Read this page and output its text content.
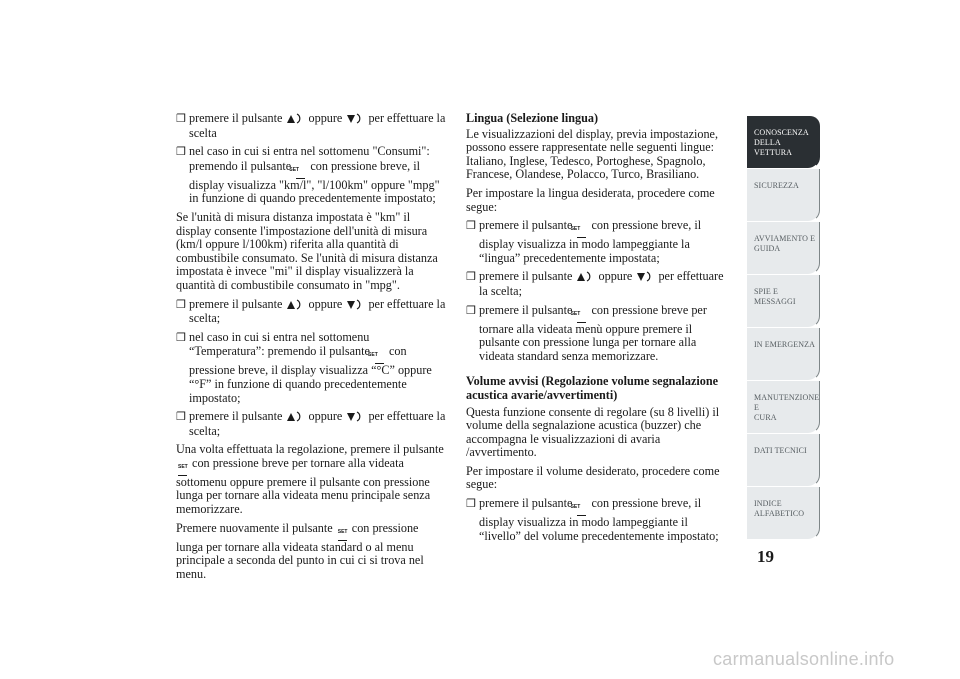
❒ premere il pulsante oppure per effettuare la scelta
❒ nel caso in cui si entra nel sottomenu "Consumi": premendo il pulsante SET con pressione breve, il display visualizza "km/l", "l/100km" oppure "mpg" in funzione di quando precedentemente impostato;
Se l'unità di misura distanza impostata è "km" il display consente l'impostazione dell'unità di misura (km/l oppure l/100km) riferita alla quantità di combustibile consumato. Se l'unità di misura distanza impostata è invece "mi" il display visualizzerà la quantità di combustibile consumato in "mpg".
❒ premere il pulsante oppure per effettuare la scelta;
❒ nel caso in cui si entra nel sottomenu “Temperatura”: premendo il pulsante SET con pressione breve, il display visualizza “°C” oppure “°F” in funzione di quando precedentemente impostato;
❒ premere il pulsante oppure per effettuare la scelta;
Una volta effettuata la regolazione, premere il pulsante SET con pressione breve per tornare alla videata sottomenu oppure premere il pulsante con pressione lunga per tornare alla videata menu principale senza memorizzare.
Premere nuovamente il pulsante SET con pressione lunga per tornare alla videata standard o al menu principale a seconda del punto in cui ci si trova nel menu.
Lingua (Selezione lingua)
Le visualizzazioni del display, previa impostazione, possono essere rappresentate nelle seguenti lingue: Italiano, Inglese, Tedesco, Portoghese, Spagnolo, Francese, Olandese, Polacco, Turco, Brasiliano.
Per impostare la lingua desiderata, procedere come segue:
❒ premere il pulsante SET con pressione breve, il display visualizza in modo lampeggiante la “lingua” precedentemente impostata;
❒ premere il pulsante oppure per effettuare la scelta;
❒ premere il pulsante SET con pressione breve per tornare alla videata menù oppure premere il pulsante con pressione lunga per tornare alla videata standard senza memorizzare.
Volume avvisi (Regolazione volume segnalazione acustica avarie/avvertimenti)
Questa funzione consente di regolare (su 8 livelli) il volume della segnalazione acustica (buzzer) che accompagna le visualizzazioni di avaria /avvertimento.
Per impostare il volume desiderato, procedere come segue:
❒ premere il pulsante SET con pressione breve, il display visualizza in modo lampeggiante il “livello” del volume precedentemente impostato;
CONOSCENZA
DELLA VETTURA
SICUREZZA

AVVIAMENTO E
GUIDA
SPIE E MESSAGGI

IN EMERGENZA

MANUTENZIONE E
CURA
DATI TECNICI

INDICE
ALFABETICO
19
carmanualsonline.info
